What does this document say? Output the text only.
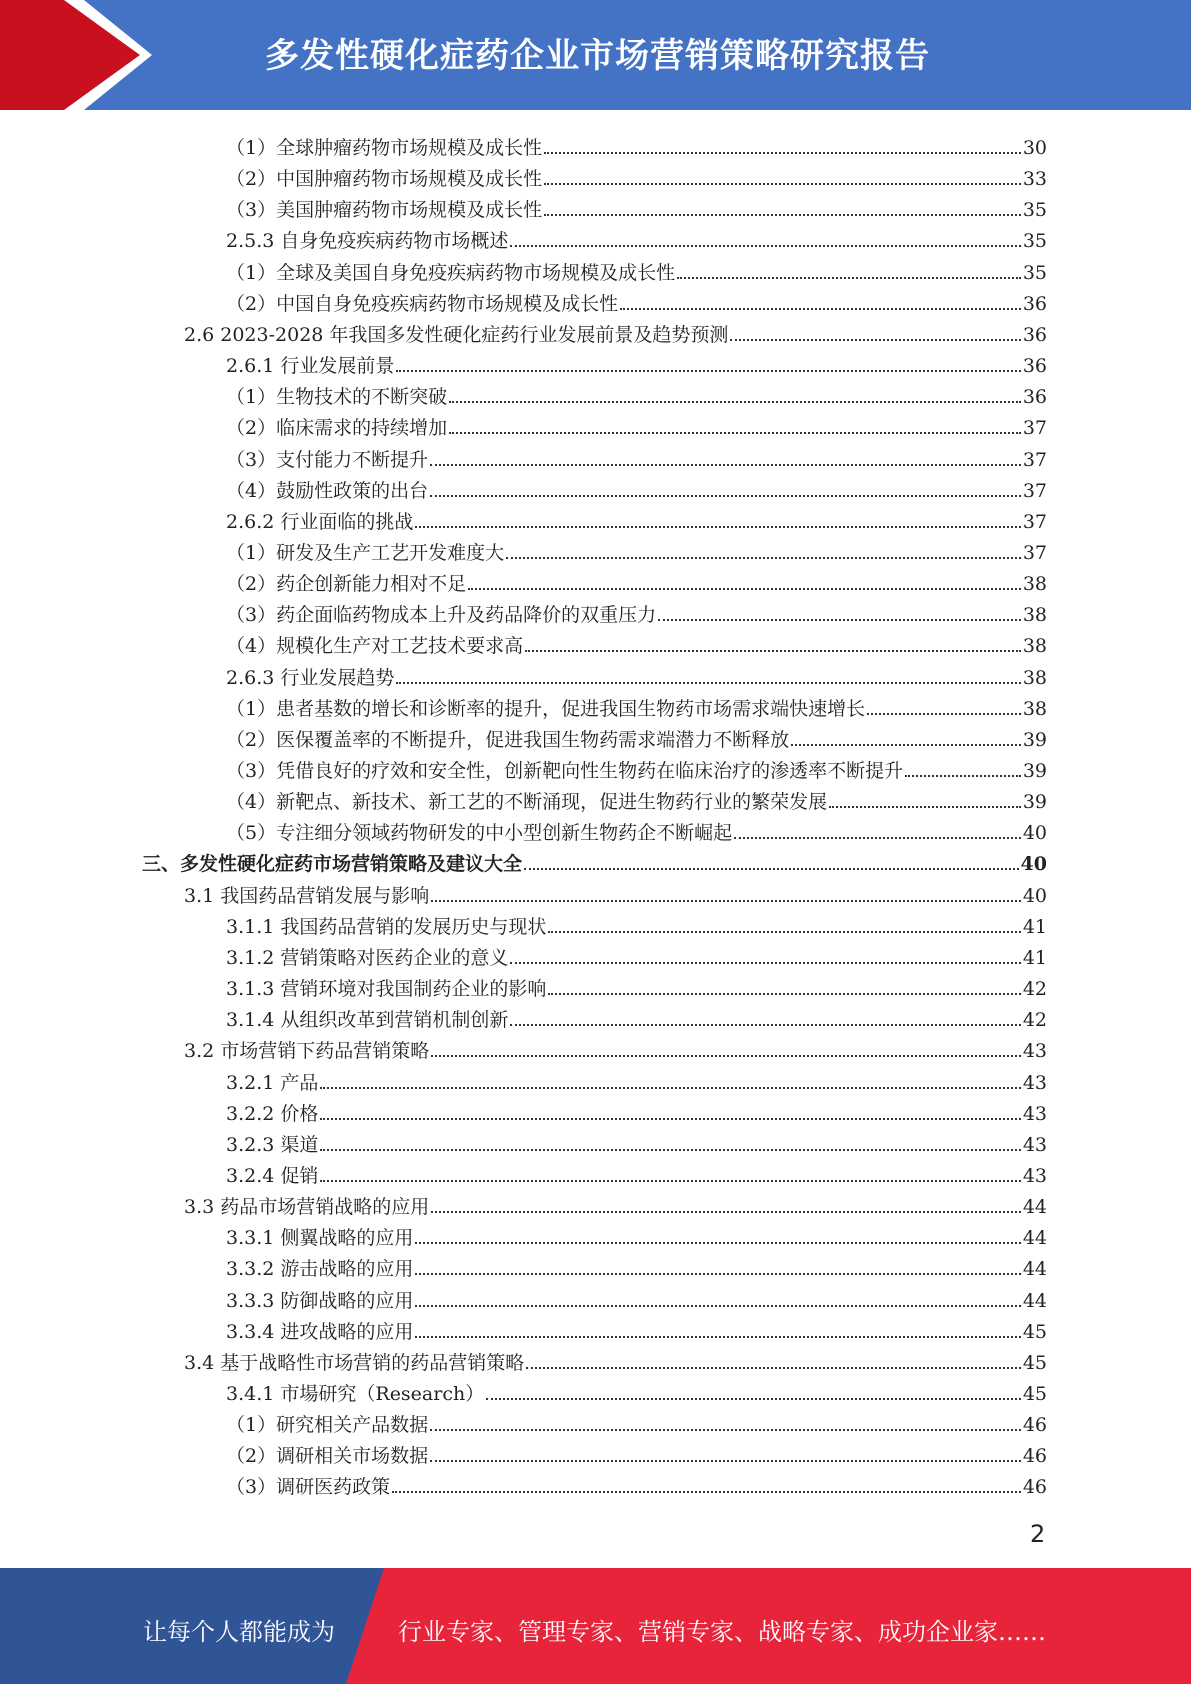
多发性硬化症药企业市场营销策略研究报告
（1）全球肿瘤药物市场规模及成长性	30
（2）中国肿瘤药物市场规模及成长性	33
（3）美国肿瘤药物市场规模及成长性	35
2.5.3 自身免疫疾病药物市场概述	35
（1）全球及美国自身免疫疾病药物市场规模及成长性	35
（2）中国自身免疫疾病药物市场规模及成长性	36
2.6 2023-2028 年我国多发性硬化症药行业发展前景及趋势预测	36
2.6.1 行业发展前景	36
（1）生物技术的不断突破	36
（2）临床需求的持续增加	37
（3）支付能力不断提升	37
（4）鼓励性政策的出台	37
2.6.2 行业面临的挑战	37
（1）研发及生产工艺开发难度大	37
（2）药企创新能力相对不足	38
（3）药企面临药物成本上升及药品降价的双重压力	38
（4）规模化生产对工艺技术要求高	38
2.6.3 行业发展趋势	38
（1）患者基数的增长和诊断率的提升，促进我国生物药市场需求端快速增长	38
（2）医保覆盖率的不断提升，促进我国生物药需求端潜力不断释放	39
（3）凭借良好的疗效和安全性，创新靶向性生物药在临床治疗的渗透率不断提升	39
（4）新靶点、新技术、新工艺的不断涌现，促进生物药行业的繁荣发展	39
（5）专注细分领域药物研发的中小型创新生物药企不断崛起	40
三、多发性硬化症药市场营销策略及建议大全	40
3.1 我国药品营销发展与影响	40
3.1.1 我国药品营销的发展历史与现状	41
3.1.2 营销策略对医药企业的意义	41
3.1.3 营销环境对我国制药企业的影响	42
3.1.4 从组织改革到营销机制创新	42
3.2 市场营销下药品营销策略	43
3.2.1 产品	43
3.2.2 价格	43
3.2.3 渠道	43
3.2.4 促销	43
3.3 药品市场营销战略的应用	44
3.3.1 侧翼战略的应用	44
3.3.2 游击战略的应用	44
3.3.3 防御战略的应用	44
3.3.4 进攻战略的应用	45
3.4 基于战略性市场营销的药品营销策略	45
3.4.1 市場研究（Research）	45
（1）研究相关产品数据	46
（2）调研相关市场数据	46
（3）调研医药政策	46
2
让每个人都能成为	行业专家、管理专家、营销专家、战略专家、成功企业家……
